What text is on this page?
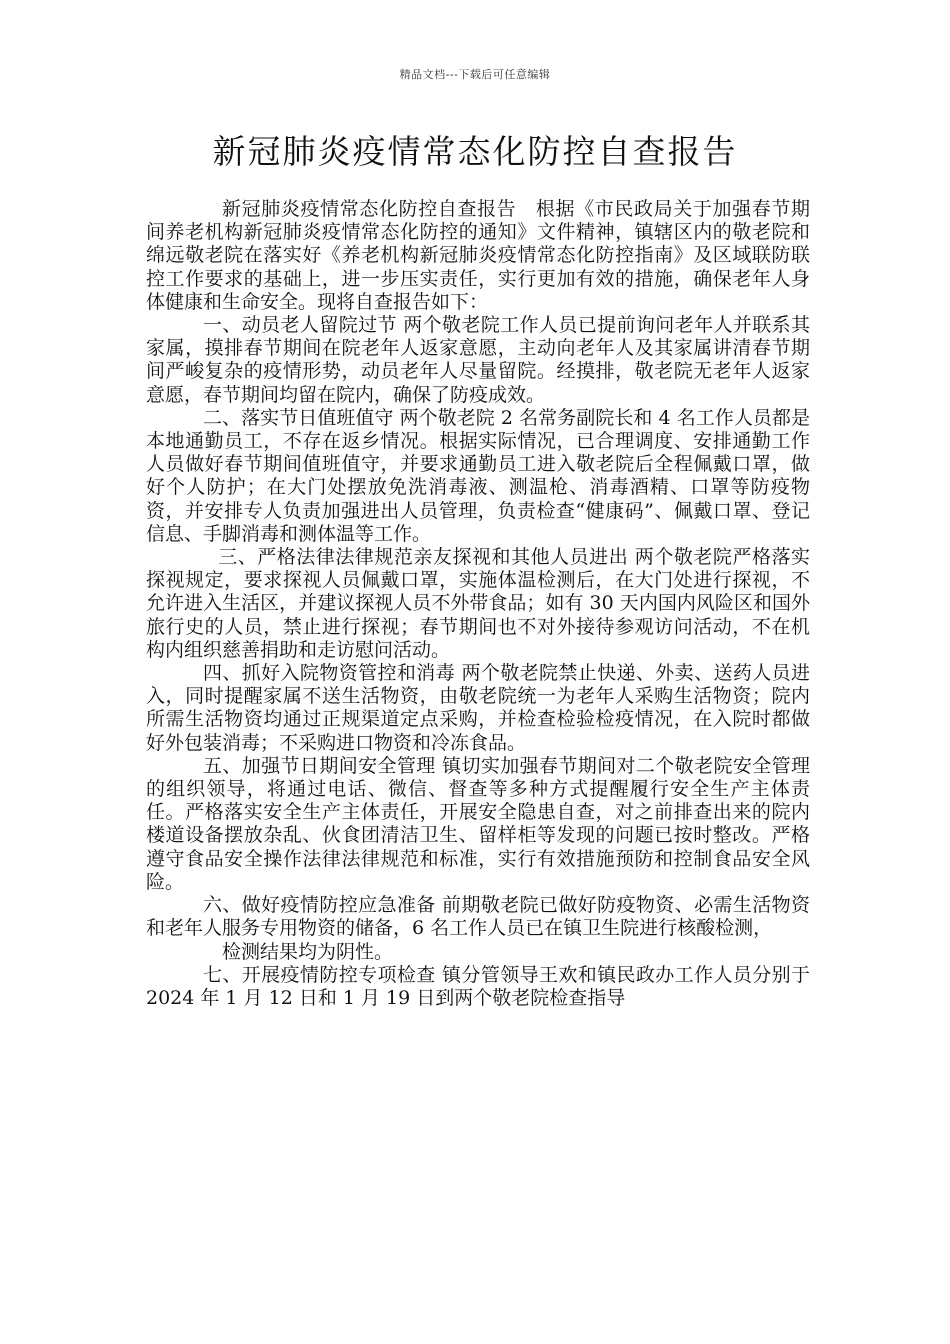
精品文档---下载后可任意编辑
新冠肺炎疫情常态化防控自查报告

新冠肺炎疫情常态化防控自查报告　根据《市民政局关于加强春节期间养老机构新冠肺炎疫情常态化防控的通知》文件精神，镇辖区内的敬老院和绵远敬老院在落实好《养老机构新冠肺炎疫情常态化防控指南》及区域联防联控工作要求的基础上，进一步压实责任，实行更加有效的措施，确保老年人身体健康和生命安全。现将自查报告如下：

一、动员老人留院过节 两个敬老院工作人员已提前询问老年人并联系其家属，摸排春节期间在院老年人返家意愿，主动向老年人及其家属讲清春节期间严峻复杂的疫情形势，动员老年人尽量留院。经摸排，敬老院无老年人返家意愿，春节期间均留在院内，确保了防疫成效。

二、落实节日值班值守 两个敬老院 2 名常务副院长和 4 名工作人员都是本地通勤员工，不存在返乡情况。根据实际情况，已合理调度、安排通勤工作人员做好春节期间值班值守，并要求通勤员工进入敬老院后全程佩戴口罩，做好个人防护；在大门处摆放免洗消毒液、测温枪、消毒酒精、口罩等防疫物资，并安排专人负责加强进出人员管理，负责检查“健康码”、佩戴口罩、登记信息、手脚消毒和测体温等工作。

三、严格法律法律规范亲友探视和其他人员进出 两个敬老院严格落实探视规定，要求探视人员佩戴口罩，实施体温检测后，在大门处进行探视，不允许进入生活区，并建议探视人员不外带食品；如有 30 天内国内风险区和国外旅行史的人员，禁止进行探视；春节期间也不对外接待参观访问活动，不在机构内组织慈善捐助和走访慰问活动。

四、抓好入院物资管控和消毒 两个敬老院禁止快递、外卖、送药人员进入，同时提醒家属不送生活物资，由敬老院统一为老年人采购生活物资；院内所需生活物资均通过正规渠道定点采购，并检查检验检疫情况，在入院时都做好外包装消毒；不采购进口物资和冷冻食品。

五、加强节日期间安全管理 镇切实加强春节期间对二个敬老院安全管理的组织领导，将通过电话、微信、督查等多种方式提醒履行安全生产主体责任。严格落实安全生产主体责任，开展安全隐患自查，对之前排查出来的院内楼道设备摆放杂乱、伙食团清洁卫生、留样柜等发现的问题已按时整改。严格遵守食品安全操作法律法律规范和标准，实行有效措施预防和控制食品安全风险。

六、做好疫情防控应急准备 前期敬老院已做好防疫物资、必需生活物资和老年人服务专用物资的储备，6 名工作人员已在镇卫生院进行核酸检测，

检测结果均为阴性。

七、开展疫情防控专项检查 镇分管领导王欢和镇民政办工作人员分别于 2024 年 1 月 12 日和 1 月 19 日到两个敬老院检查指导
